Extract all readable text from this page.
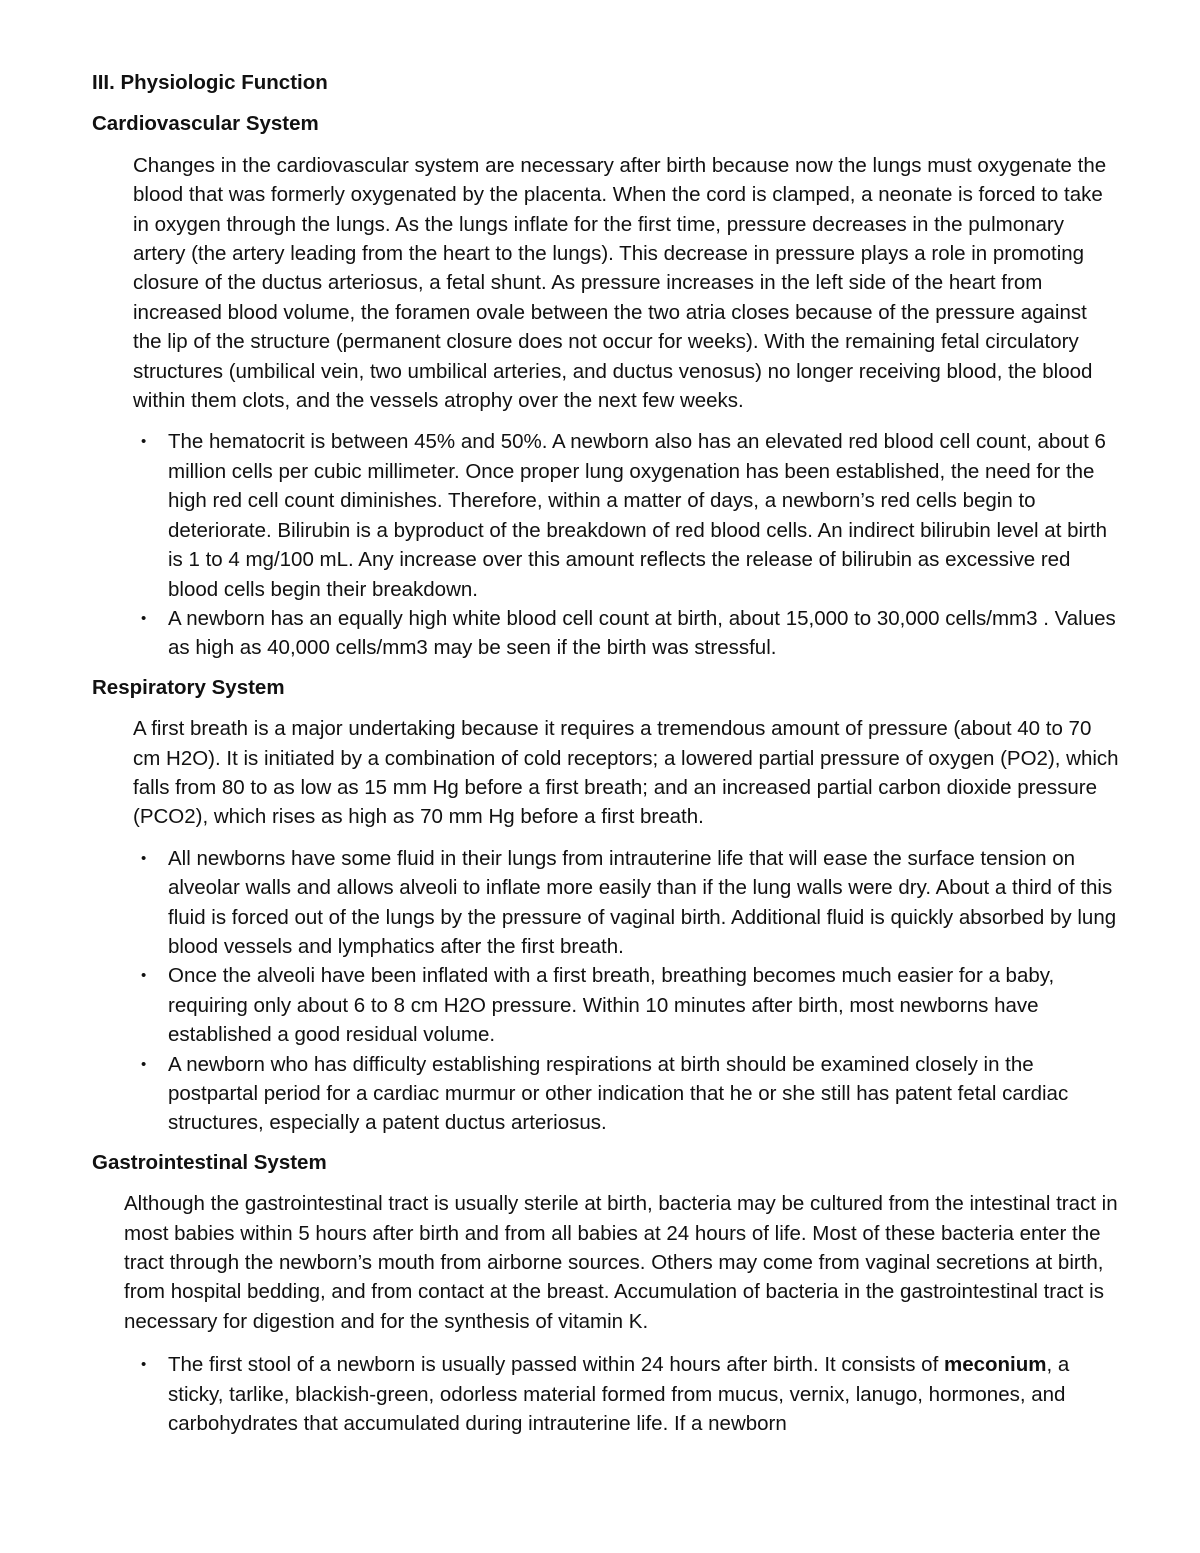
III. Physiologic Function
Cardiovascular System

Changes in the cardiovascular system are necessary after birth because now the lungs must oxygenate the blood that was formerly oxygenated by the placenta. When the cord is clamped, a neonate is forced to take in oxygen through the lungs. As the lungs inflate for the first time, pressure decreases in the pulmonary artery (the artery leading from the heart to the lungs). This decrease in pressure plays a role in promoting closure of the ductus arteriosus, a fetal shunt. As pressure increases in the left side of the heart from increased blood volume, the foramen ovale between the two atria closes because of the pressure against the lip of the structure (permanent closure does not occur for weeks). With the remaining fetal circulatory structures (umbilical vein, two umbilical arteries, and ductus venosus) no longer receiving blood, the blood within them clots, and the vessels atrophy over the next few weeks.

• The hematocrit is between 45% and 50%. A newborn also has an elevated red blood cell count, about 6 million cells per cubic millimeter. Once proper lung oxygenation has been established, the need for the high red cell count diminishes. Therefore, within a matter of days, a newborn’s red cells begin to deteriorate. Bilirubin is a byproduct of the breakdown of red blood cells. An indirect bilirubin level at birth is 1 to 4 mg/100 mL. Any increase over this amount reflects the release of bilirubin as excessive red blood cells begin their breakdown.
• A newborn has an equally high white blood cell count at birth, about 15,000 to 30,000 cells/mm3 . Values as high as 40,000 cells/mm3 may be seen if the birth was stressful.
Respiratory System

A first breath is a major undertaking because it requires a tremendous amount of pressure (about 40 to 70 cm H2O). It is initiated by a combination of cold receptors; a lowered partial pressure of oxygen (PO2), which falls from 80 to as low as 15 mm Hg before a first breath; and an increased partial carbon dioxide pressure (PCO2), which rises as high as 70 mm Hg before a first breath.

• All newborns have some fluid in their lungs from intrauterine life that will ease the surface tension on alveolar walls and allows alveoli to inflate more easily than if the lung walls were dry. About a third of this fluid is forced out of the lungs by the pressure of vaginal birth. Additional fluid is quickly absorbed by lung blood vessels and lymphatics after the first breath.
• Once the alveoli have been inflated with a first breath, breathing becomes much easier for a baby, requiring only about 6 to 8 cm H2O pressure. Within 10 minutes after birth, most newborns have established a good residual volume.
• A newborn who has difficulty establishing respirations at birth should be examined closely in the postpartal period for a cardiac murmur or other indication that he or she still has patent fetal cardiac structures, especially a patent ductus arteriosus.
Gastrointestinal System

Although the gastrointestinal tract is usually sterile at birth, bacteria may be cultured from the intestinal tract in most babies within 5 hours after birth and from all babies at 24 hours of life. Most of these bacteria enter the tract through the newborn’s mouth from airborne sources. Others may come from vaginal secretions at birth, from hospital bedding, and from contact at the breast. Accumulation of bacteria in the gastrointestinal tract is necessary for digestion and for the synthesis of vitamin K.

• The first stool of a newborn is usually passed within 24 hours after birth. It consists of meconium, a sticky, tarlike, blackish-green, odorless material formed from mucus, vernix, lanugo, hormones, and carbohydrates that accumulated during intrauterine life. If a newborn
